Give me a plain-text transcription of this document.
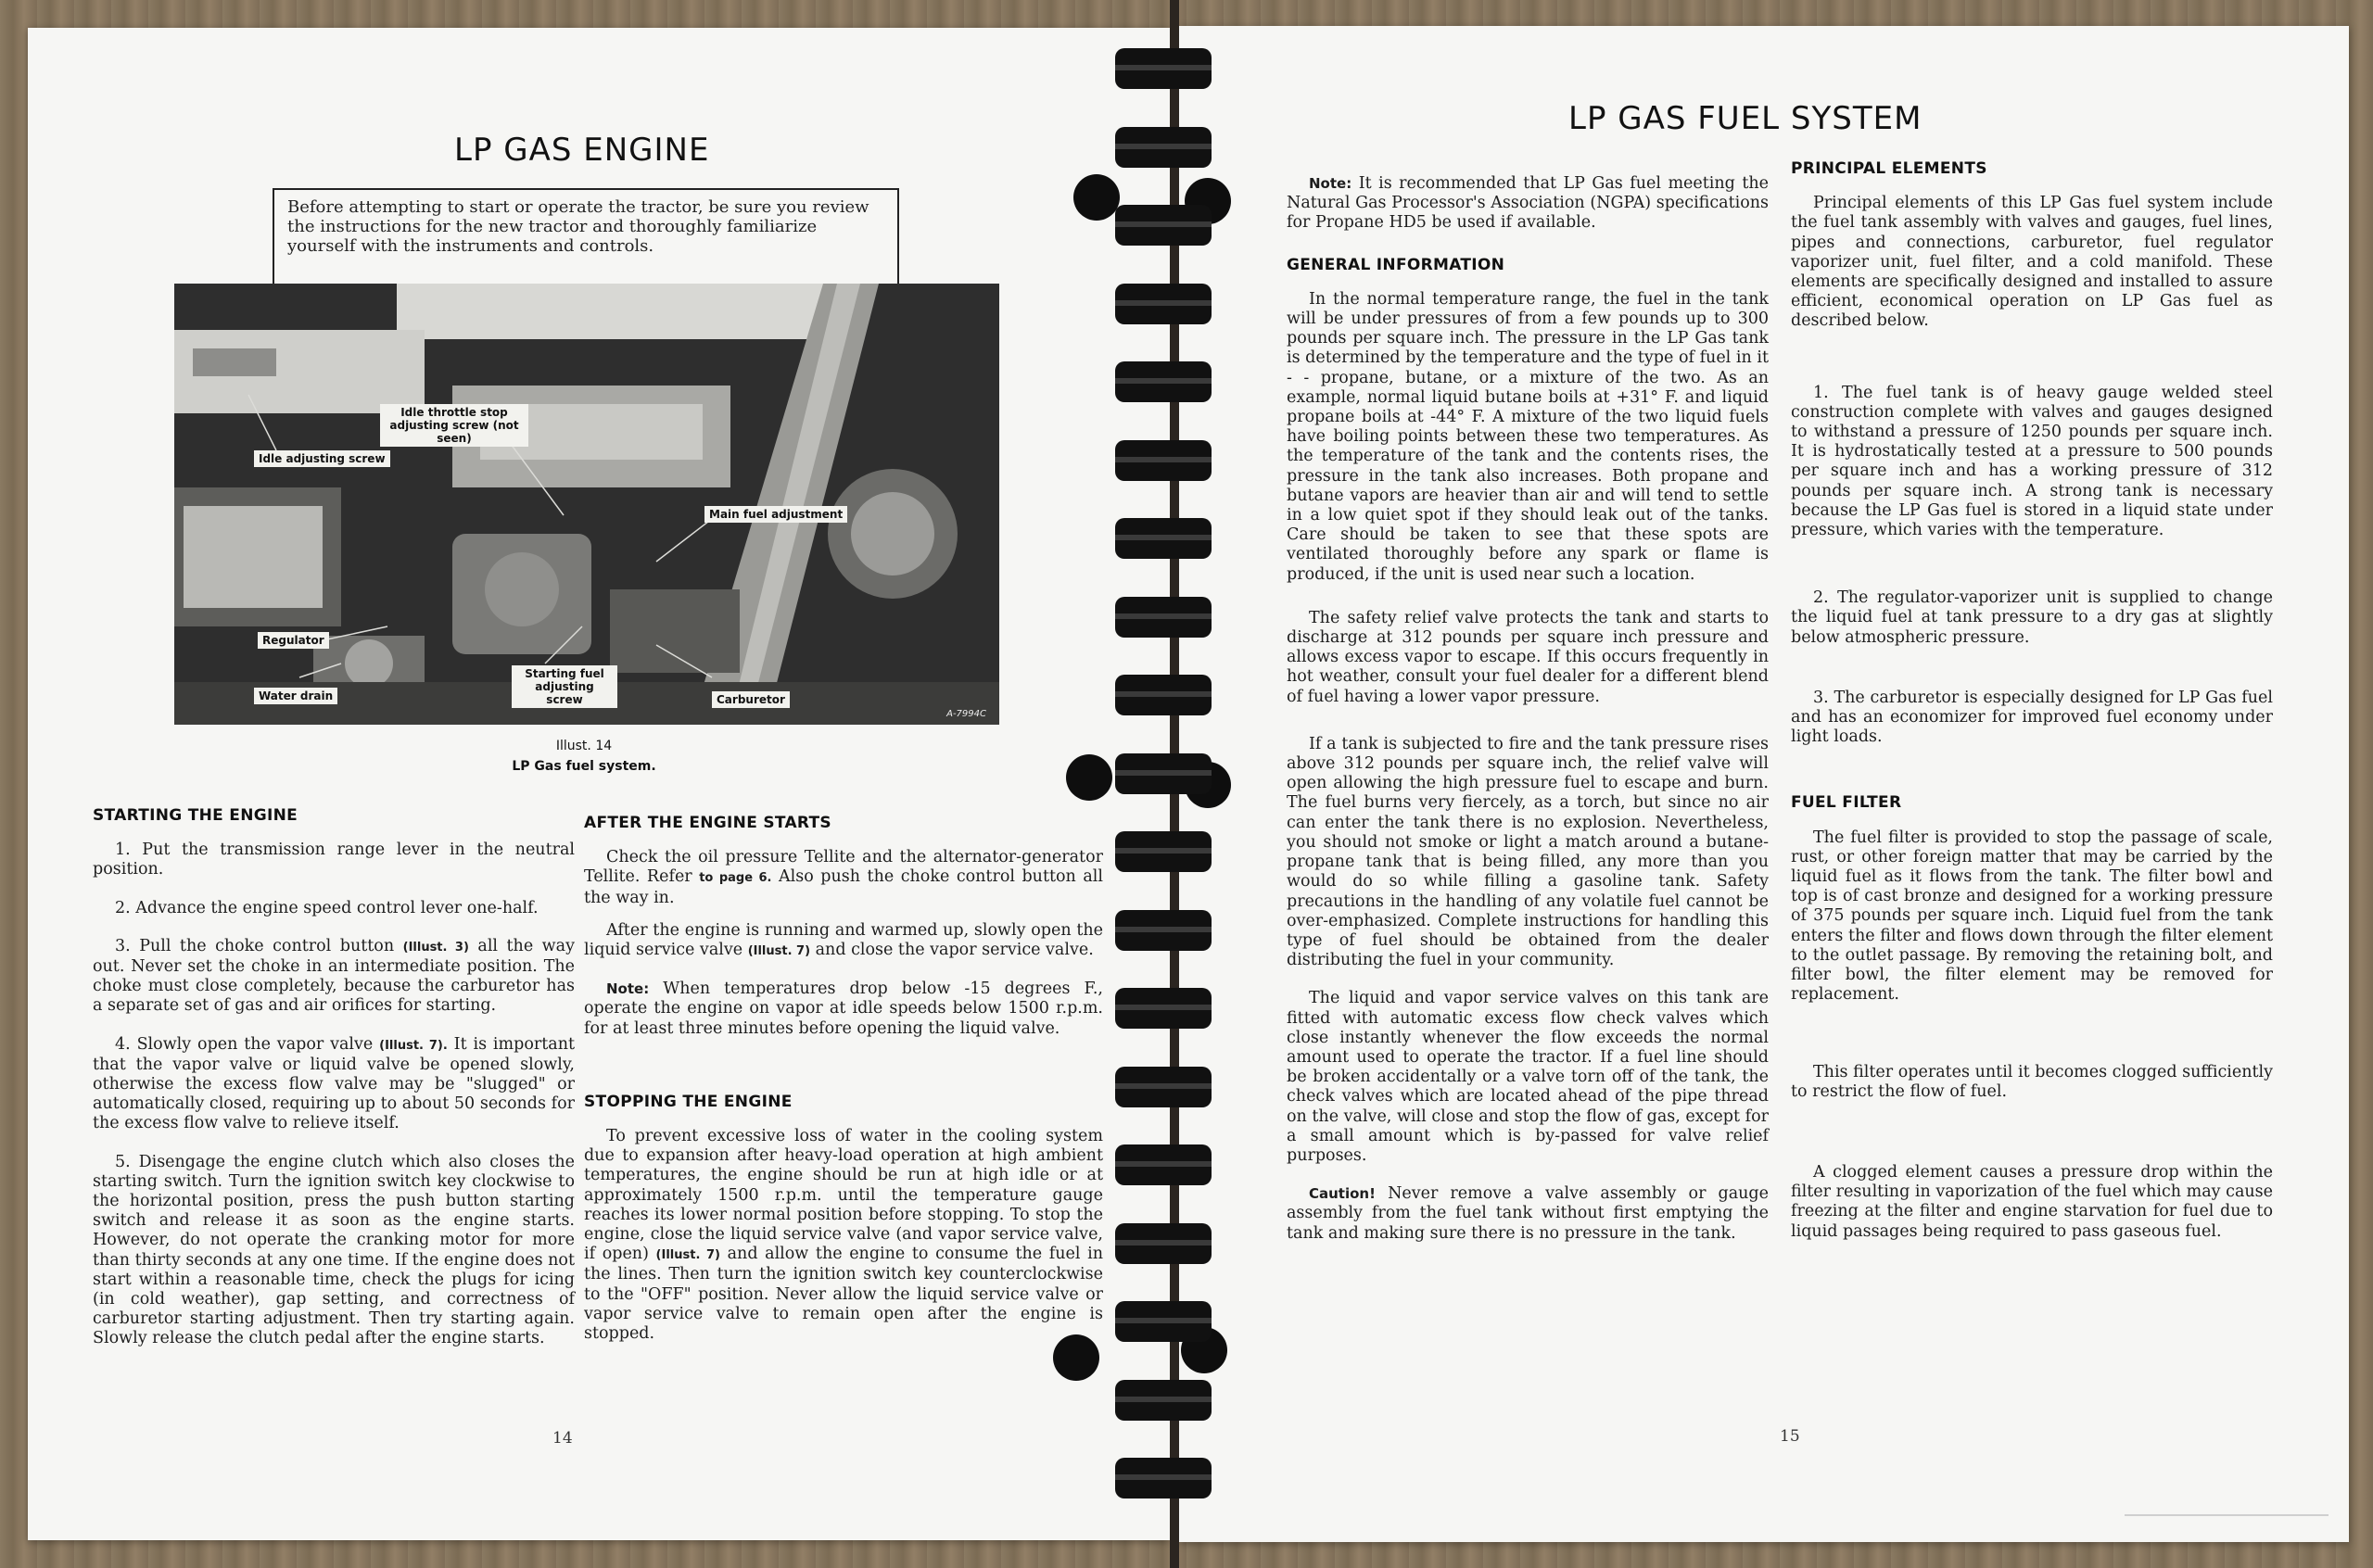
LP GAS ENGINE
Before attempting to start or operate the tractor, be sure you review the instructions for the new tractor and thoroughly familiarize yourself with the instruments and controls.
Idle throttle stop adjusting screw (not seen)
Idle adjusting screw
Main fuel adjustment
Regulator
Water drain
Starting fuel adjusting screw	Carburetor
A-7994C
Illust. 14
LP Gas fuel system.
STARTING THE ENGINE

1. Put the transmission range lever in the neutral position.

2. Advance the engine speed control lever one-half.

3. Pull the choke control button (Illust. 3) all the way out. Never set the choke in an intermediate position. The choke must close completely, because the carburetor has a separate set of gas and air orifices for starting.

4. Slowly open the vapor valve (Illust. 7). It is important that the vapor valve or liquid valve be opened slowly, otherwise the excess flow valve may be "slugged" or automatically closed, requiring up to about 50 seconds for the excess flow valve to relieve itself.

5. Disengage the engine clutch which also closes the starting switch. Turn the ignition switch key clockwise to the horizontal position, press the push button starting switch and release it as soon as the engine starts. However, do not operate the cranking motor for more than thirty seconds at any one time. If the engine does not start within a reasonable time, check the plugs for icing (in cold weather), gap setting, and correctness of carburetor starting adjustment. Then try starting again. Slowly release the clutch pedal after the engine starts.

AFTER THE ENGINE STARTS

Check the oil pressure Tellite and the alternator-generator Tellite. Refer to page 6. Also push the choke control button all the way in.

After the engine is running and warmed up, slowly open the liquid service valve (Illust. 7) and close the vapor service valve.

Note: When temperatures drop below -15 degrees F., operate the engine on vapor at idle speeds below 1500 r.p.m. for at least three minutes before opening the liquid valve.

STOPPING THE ENGINE

To prevent excessive loss of water in the cooling system due to expansion after heavy-load operation at high ambient temperatures, the engine should be run at high idle or at approximately 1500 r.p.m. until the temperature gauge reaches its lower normal position before stopping. To stop the engine, close the liquid service valve (and vapor service valve, if open) (Illust. 7) and allow the engine to consume the fuel in the lines. Then turn the ignition switch key counterclockwise to the "OFF" position. Never allow the liquid service valve or vapor service valve to remain open after the engine is stopped.

14
LP GAS FUEL SYSTEM

Note: It is recommended that LP Gas fuel meeting the Natural Gas Processor's Association (NGPA) specifications for Propane HD5 be used if available.

GENERAL INFORMATION

In the normal temperature range, the fuel in the tank will be under pressures of from a few pounds up to 300 pounds per square inch. The pressure in the LP Gas tank is determined by the temperature and the type of fuel in it - - propane, butane, or a mixture of the two. As an example, normal liquid butane boils at +31° F. and liquid propane boils at -44° F. A mixture of the two liquid fuels have boiling points between these two temperatures. As the temperature of the tank and the contents rises, the pressure in the tank also increases. Both propane and butane vapors are heavier than air and will tend to settle in a low quiet spot if they should leak out of the tanks. Care should be taken to see that these spots are ventilated thoroughly before any spark or flame is produced, if the unit is used near such a location.

The safety relief valve protects the tank and starts to discharge at 312 pounds per square inch pressure and allows excess vapor to escape. If this occurs frequently in hot weather, consult your fuel dealer for a different blend of fuel having a lower vapor pressure.

If a tank is subjected to fire and the tank pressure rises above 312 pounds per square inch, the relief valve will open allowing the high pressure fuel to escape and burn. The fuel burns very fiercely, as a torch, but since no air can enter the tank there is no explosion. Nevertheless, you should not smoke or light a match around a butane-propane tank that is being filled, any more than you would do so while filling a gasoline tank. Safety precautions in the handling of any volatile fuel cannot be over-emphasized. Complete instructions for handling this type of fuel should be obtained from the dealer distributing the fuel in your community.

The liquid and vapor service valves on this tank are fitted with automatic excess flow check valves which close instantly whenever the flow exceeds the normal amount used to operate the tractor. If a fuel line should be broken accidentally or a valve torn off of the tank, the check valves which are located ahead of the pipe thread on the valve, will close and stop the flow of gas, except for a small amount which is by-passed for valve relief purposes.

Caution! Never remove a valve assembly or gauge assembly from the fuel tank without first emptying the tank and making sure there is no pressure in the tank.

PRINCIPAL ELEMENTS

Principal elements of this LP Gas fuel system include the fuel tank assembly with valves and gauges, fuel lines, pipes and connections, carburetor, fuel regulator vaporizer unit, fuel filter, and a cold manifold. These elements are specifically designed and installed to assure efficient, economical operation on LP Gas fuel as described below.

1. The fuel tank is of heavy gauge welded steel construction complete with valves and gauges designed to withstand a pressure of 1250 pounds per square inch. It is hydrostatically tested at a pressure to 500 pounds per square inch and has a working pressure of 312 pounds per square inch. A strong tank is necessary because the LP Gas fuel is stored in a liquid state under pressure, which varies with the temperature.

2. The regulator-vaporizer unit is supplied to change the liquid fuel at tank pressure to a dry gas at slightly below atmospheric pressure.

3. The carburetor is especially designed for LP Gas fuel and has an economizer for improved fuel economy under light loads.

FUEL FILTER

The fuel filter is provided to stop the passage of scale, rust, or other foreign matter that may be carried by the liquid fuel as it flows from the tank. The filter bowl and top is of cast bronze and designed for a working pressure of 375 pounds per square inch. Liquid fuel from the tank enters the filter and flows down through the filter element to the outlet passage. By removing the retaining bolt, and filter bowl, the filter element may be removed for replacement.

This filter operates until it becomes clogged sufficiently to restrict the flow of fuel.

A clogged element causes a pressure drop within the filter resulting in vaporization of the fuel which may cause freezing at the filter and engine starvation for fuel due to liquid passages being required to pass gaseous fuel.

15
